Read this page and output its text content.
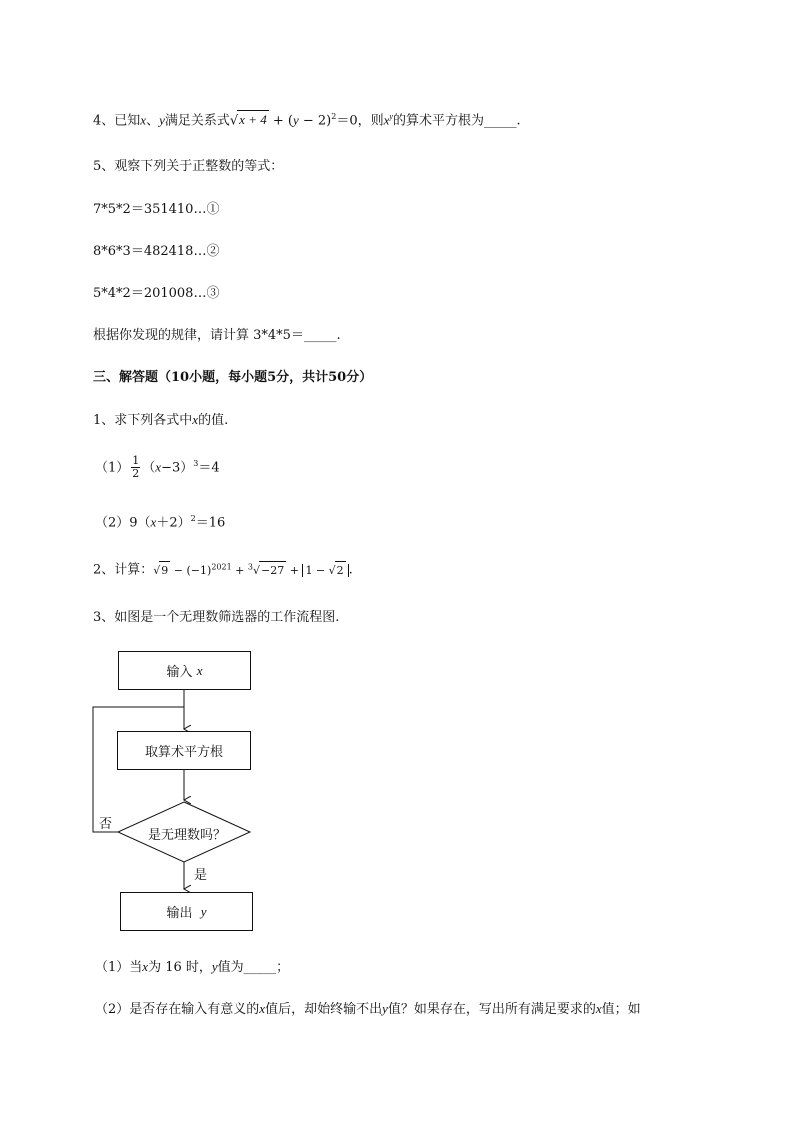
4、已知x、y满足关系式$√x + 4 + (y - 2)^2=0$，则$x^y$的算术平方根为_____.
5、观察下列关于正整数的等式：
7*5*2＝351410…①
8*6*3＝482418…②
5*4*2＝201008…③
根据你发现的规律，请计算 3*4*5＝_____.
三、解答题（10小题，每小题5分，共计50分）
1、求下列各式中x的值.
$(1) \frac{1}{2} (x-3)^3=4$
$(2)9(x+2)^2=16$
2、计算：$√9 - (-1)^{2021} + ^3√-27 + 1 - √2$ .
3、如图是一个无理数筛选器的工作流程图.
输入
x
取算术平方根
是无理数吗？
否
是
输出
y
（1）当x为 16 时，y值为_____；
（2）是否存在输入有意义的x值后，却始终输不出y值？如果存在，写出所有满足要求的x值；如
